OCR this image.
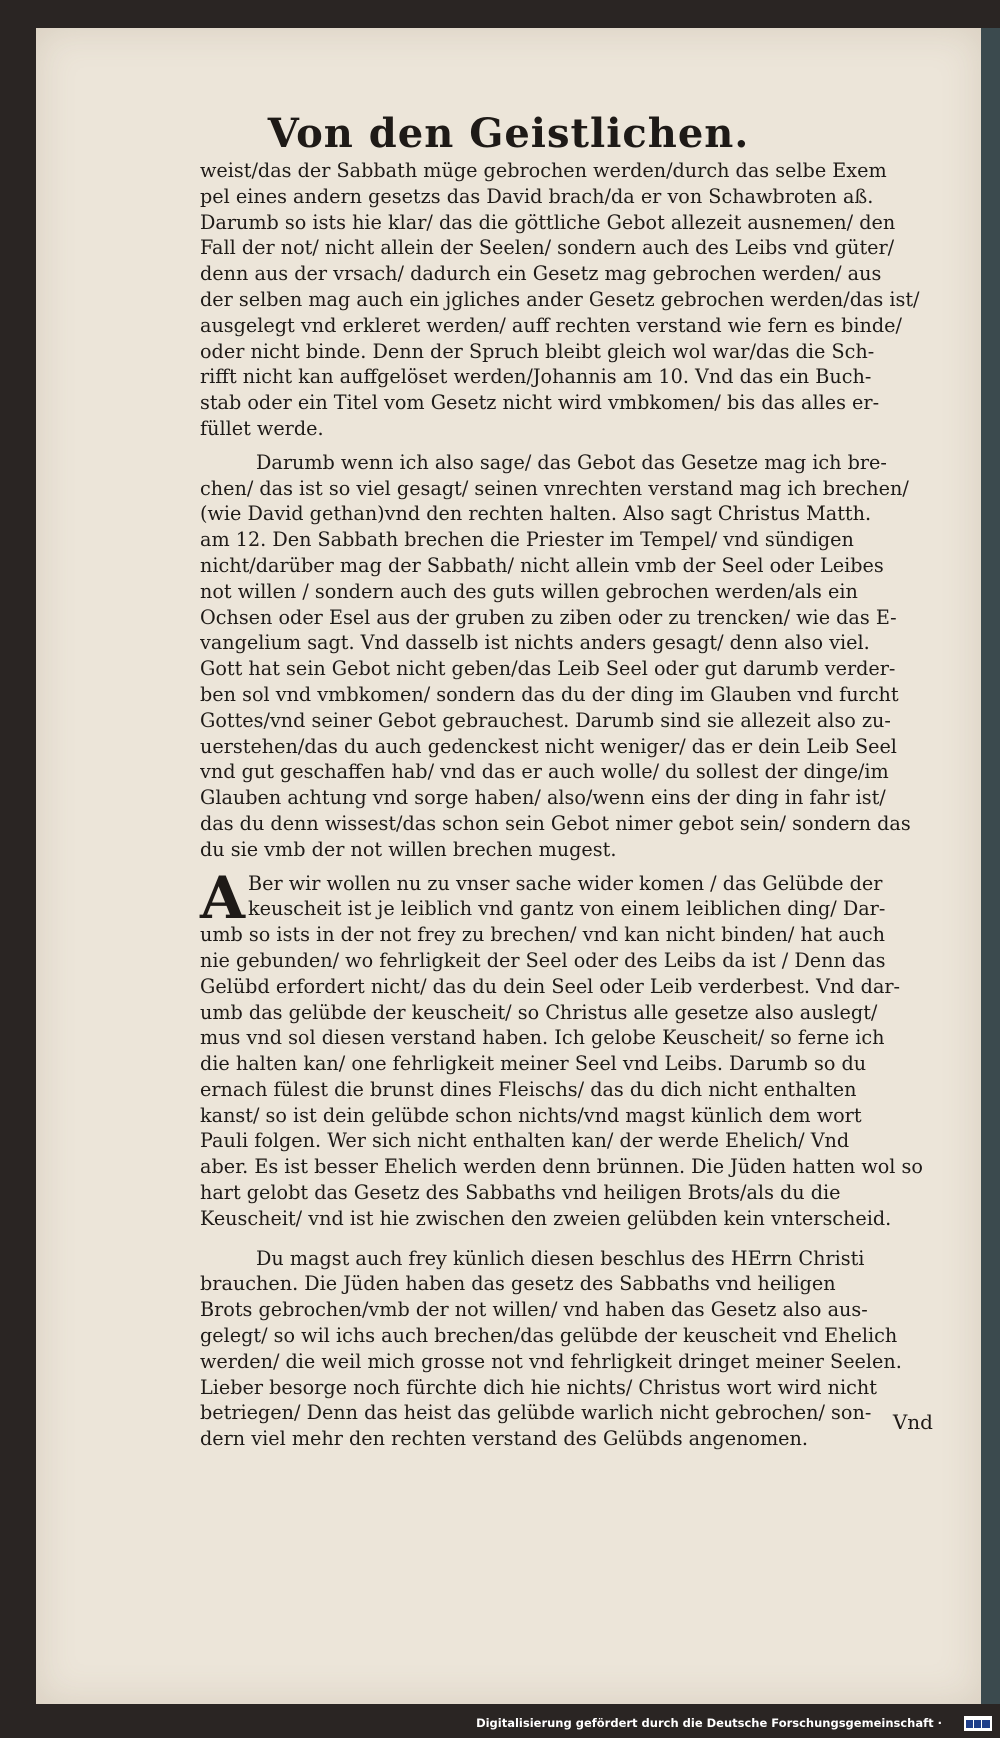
Von den Geistlichen.
weist/das der Sabbath müge gebrochen werden/durch das selbe Exem
pel eines andern gesetzs das David brach/da er von Schawbroten aß.
Darumb so ists hie klar/ das die göttliche Gebot allezeit ausnemen/ den
Fall der not/ nicht allein der Seelen/ sondern auch des Leibs vnd güter/
denn aus der vrsach/ dadurch ein Gesetz mag gebrochen werden/ aus
der selben mag auch ein jgliches ander Gesetz gebrochen werden/das ist/
ausgelegt vnd erkleret werden/ auff rechten verstand wie fern es binde/
oder nicht binde. Denn der Spruch bleibt gleich wol war/das die Sch-
rifft nicht kan auffgelöset werden/Johannis am 10. Vnd das ein Buch-
stab oder ein Titel vom Gesetz nicht wird vmbkomen/ bis das alles er-
füllet werde.
Darumb wenn ich also sage/ das Gebot das Gesetze mag ich bre-
chen/ das ist so viel gesagt/ seinen vnrechten verstand mag ich brechen/
(wie David gethan)vnd den rechten halten. Also sagt Christus Matth.
am 12. Den Sabbath brechen die Priester im Tempel/ vnd sündigen
nicht/darüber mag der Sabbath/ nicht allein vmb der Seel oder Leibes
not willen / sondern auch des guts willen gebrochen werden/als ein
Ochsen oder Esel aus der gruben zu ziben oder zu trencken/ wie das E-
vangelium sagt. Vnd dasselb ist nichts anders gesagt/ denn also viel.
Gott hat sein Gebot nicht geben/das Leib Seel oder gut darumb verder-
ben sol vnd vmbkomen/ sondern das du der ding im Glauben vnd furcht
Gottes/vnd seiner Gebot gebrauchest. Darumb sind sie allezeit also zu-
uerstehen/das du auch gedenckest nicht weniger/ das er dein Leib Seel
vnd gut geschaffen hab/ vnd das er auch wolle/ du sollest der dinge/im
Glauben achtung vnd sorge haben/ also/wenn eins der ding in fahr ist/
das du denn wissest/das schon sein Gebot nimer gebot sein/ sondern das
du sie vmb der not willen brechen mugest.
A Ber wir wollen nu zu vnser sache wider komen / das Gelübde der
keuscheit ist je leiblich vnd gantz von einem leiblichen ding/ Dar-
umb so ists in der not frey zu brechen/ vnd kan nicht binden/ hat auch
nie gebunden/ wo fehrligkeit der Seel oder des Leibs da ist / Denn das
Gelübd erfordert nicht/ das du dein Seel oder Leib verderbest. Vnd dar-
umb das gelübde der keuscheit/ so Christus alle gesetze also auslegt/
mus vnd sol diesen verstand haben. Ich gelobe Keuscheit/ so ferne ich
die halten kan/ one fehrligkeit meiner Seel vnd Leibs. Darumb so du
ernach fülest die brunst dines Fleischs/ das du dich nicht enthalten
kanst/ so ist dein gelübde schon nichts/vnd magst künlich dem wort
Pauli folgen. Wer sich nicht enthalten kan/ der werde Ehelich/ Vnd
aber. Es ist besser Ehelich werden denn brünnen. Die Jüden hatten wol so
hart gelobt das Gesetz des Sabbaths vnd heiligen Brots/als du die
Keuscheit/ vnd ist hie zwischen den zweien gelübden kein vnterscheid.
Du magst auch frey künlich diesen beschlus des HErrn Christi
brauchen. Die Jüden haben das gesetz des Sabbaths vnd heiligen
Brots gebrochen/vmb der not willen/ vnd haben das Gesetz also aus-
gelegt/ so wil ichs auch brechen/das gelübde der keuscheit vnd Ehelich
werden/ die weil mich grosse not vnd fehrligkeit dringet meiner Seelen.
Lieber besorge noch fürchte dich hie nichts/ Christus wort wird nicht
betriegen/ Denn das heist das gelübde warlich nicht gebrochen/ son-
dern viel mehr den rechten verstand des Gelübds angenomen.
Vnd
Digitalisierung gefördert durch die Deutsche Forschungsgemeinschaft ·
